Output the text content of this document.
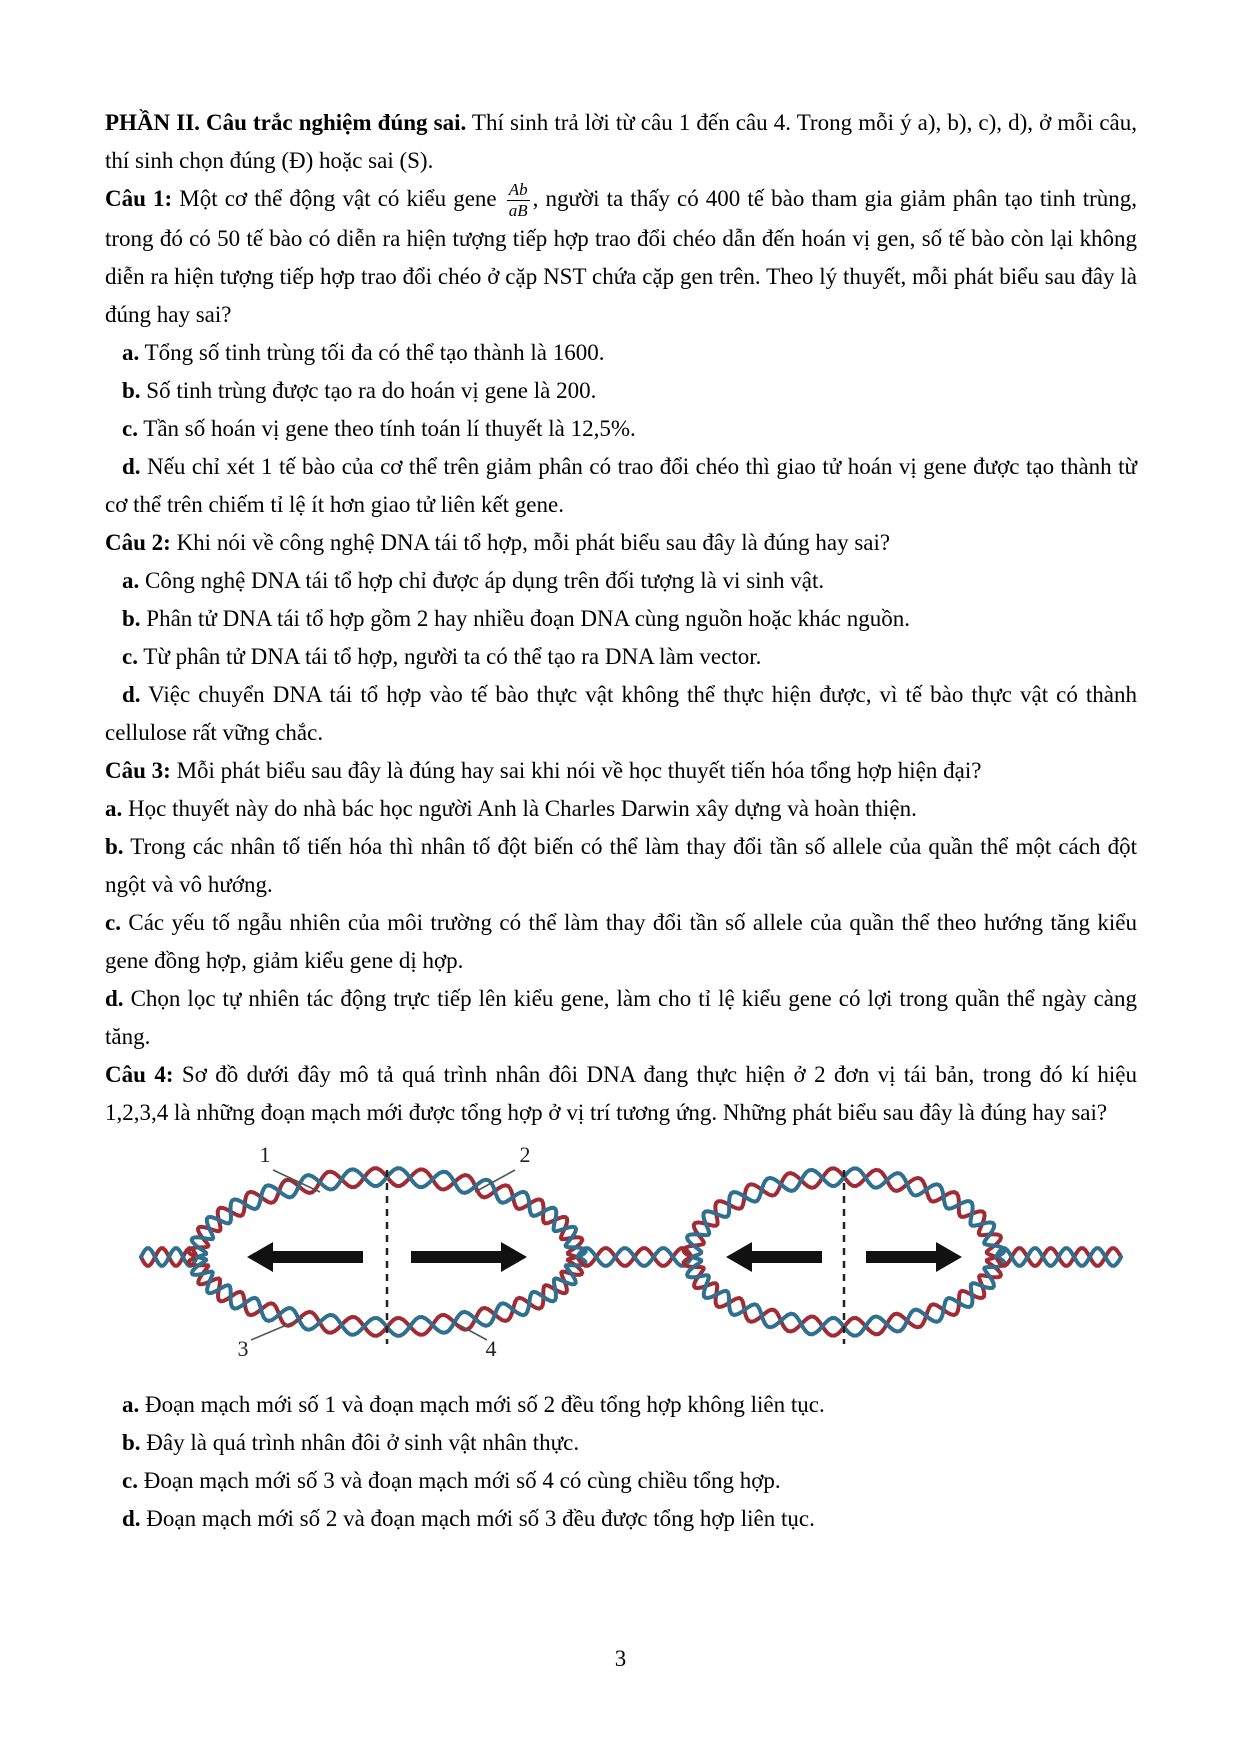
PHẦN II. Câu trắc nghiệm đúng sai. Thí sinh trả lời từ câu 1 đến câu 4. Trong mỗi ý a), b), c), d), ở mỗi câu, thí sinh chọn đúng (Đ) hoặc sai (S).

Câu 1: Một cơ thể động vật có kiểu gene $\frac{Ab}{aB}$ , người ta thấy có 400 tế bào tham gia giảm phân tạo tinh trùng, trong đó có 50 tế bào có diễn ra hiện tượng tiếp hợp trao đổi chéo dẫn đến hoán vị gen, số tế bào còn lại không diễn ra hiện tượng tiếp hợp trao đổi chéo ở cặp NST chứa cặp gen trên. Theo lý thuyết, mỗi phát biểu sau đây là đúng hay sai?

a. Tổng số tinh trùng tối đa có thể tạo thành là 1600.

b. Số tinh trùng được tạo ra do hoán vị gene là 200.

c. Tần số hoán vị gene theo tính toán lí thuyết là 12,5%.

d. Nếu chỉ xét 1 tế bào của cơ thể trên giảm phân có trao đổi chéo thì giao tử hoán vị gene được tạo thành từ cơ thể trên chiếm tỉ lệ ít hơn giao tử liên kết gene.

Câu 2: Khi nói về công nghệ DNA tái tổ hợp, mỗi phát biểu sau đây là đúng hay sai?

a. Công nghệ DNA tái tổ hợp chỉ được áp dụng trên đối tượng là vi sinh vật.

b. Phân tử DNA tái tổ hợp gồm 2 hay nhiều đoạn DNA cùng nguồn hoặc khác nguồn.

c. Từ phân tử DNA tái tổ hợp, người ta có thể tạo ra DNA làm vector.

d. Việc chuyển DNA tái tổ hợp vào tế bào thực vật không thể thực hiện được, vì tế bào thực vật có thành cellulose rất vững chắc.

Câu 3: Mỗi phát biểu sau đây là đúng hay sai khi nói về học thuyết tiến hóa tổng hợp hiện đại?

a. Học thuyết này do nhà bác học người Anh là Charles Darwin xây dựng và hoàn thiện.

b. Trong các nhân tố tiến hóa thì nhân tố đột biến có thể làm thay đổi tần số allele của quần thể một cách đột ngột và vô hướng.

c. Các yếu tố ngẫu nhiên của môi trường có thể làm thay đổi tần số allele của quần thể theo hướng tăng kiểu gene đồng hợp, giảm kiểu gene dị hợp.

d. Chọn lọc tự nhiên tác động trực tiếp lên kiểu gene, làm cho tỉ lệ kiểu gene có lợi trong quần thể ngày càng tăng.

Câu 4: Sơ đồ dưới đây mô tả quá trình nhân đôi DNA đang thực hiện ở 2 đơn vị tái bản, trong đó kí hiệu 1,2,3,4 là những đoạn mạch mới được tổng hợp ở vị trí tương ứng. Những phát biểu sau đây là đúng hay sai?

1	2
3	4

a. Đoạn mạch mới số 1 và đoạn mạch mới số 2 đều tổng hợp không liên tục.

b. Đây là quá trình nhân đôi ở sinh vật nhân thực.

c. Đoạn mạch mới số 3 và đoạn mạch mới số 4 có cùng chiều tổng hợp.

d. Đoạn mạch mới số 2 và đoạn mạch mới số 3 đều được tổng hợp liên tục.

3
